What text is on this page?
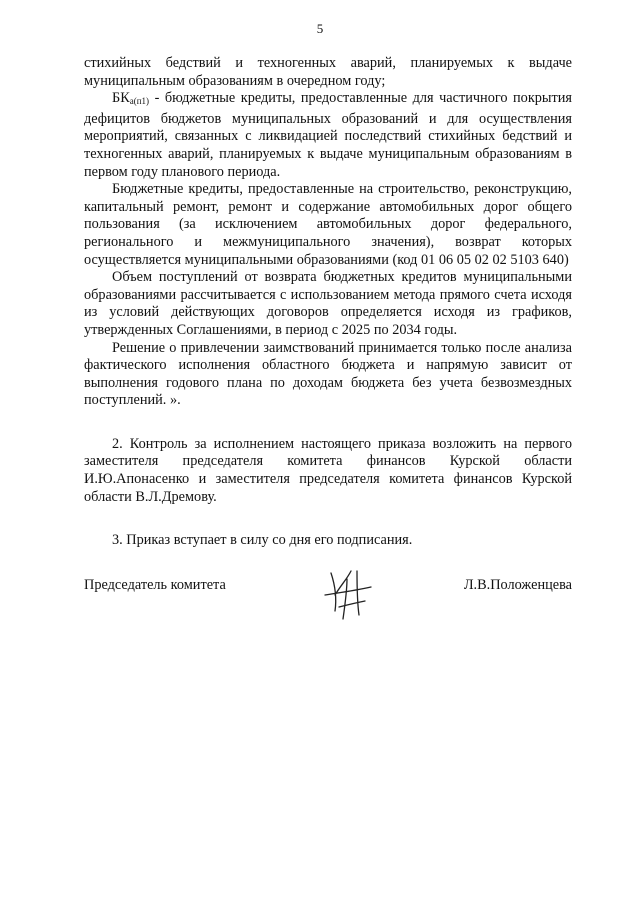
5

стихийных бедствий и техногенных аварий, планируемых к выдаче муниципальным образованиям в очередном году;

$БК_{а(п1)}$ - бюджетные кредиты, предоставленные для частичного покрытия дефицитов бюджетов муниципальных образований и для осуществления мероприятий, связанных с ликвидацией последствий стихийных бедствий и техногенных аварий, планируемых к выдаче муниципальным образованиям в первом году планового периода.

Бюджетные кредиты, предоставленные на строительство, реконструкцию, капитальный ремонт, ремонт и содержание автомобильных дорог общего пользования (за исключением автомобильных дорог федерального, регионального и межмуниципального значения), возврат которых осуществляется муниципальными образованиями (код 01 06 05 02 02 5103 640)

Объем поступлений от возврата бюджетных кредитов муниципальными образованиями рассчитывается с использованием метода прямого счета исходя из условий действующих договоров определяется исходя из графиков, утвержденных Соглашениями, в период с 2025 по 2034 годы.

Решение о привлечении заимствований принимается только после анализа фактического исполнения областного бюджета и напрямую зависит от выполнения годового плана по доходам бюджета без учета безвозмездных поступлений. ».

2. Контроль за исполнением настоящего приказа возложить на первого заместителя председателя комитета финансов Курской области И.Ю.Апонасенко и заместителя председателя комитета финансов Курской области В.Л.Дремову.

3. Приказ вступает в силу со дня его подписания.

Председатель комитета	Л.В.Положенцева
